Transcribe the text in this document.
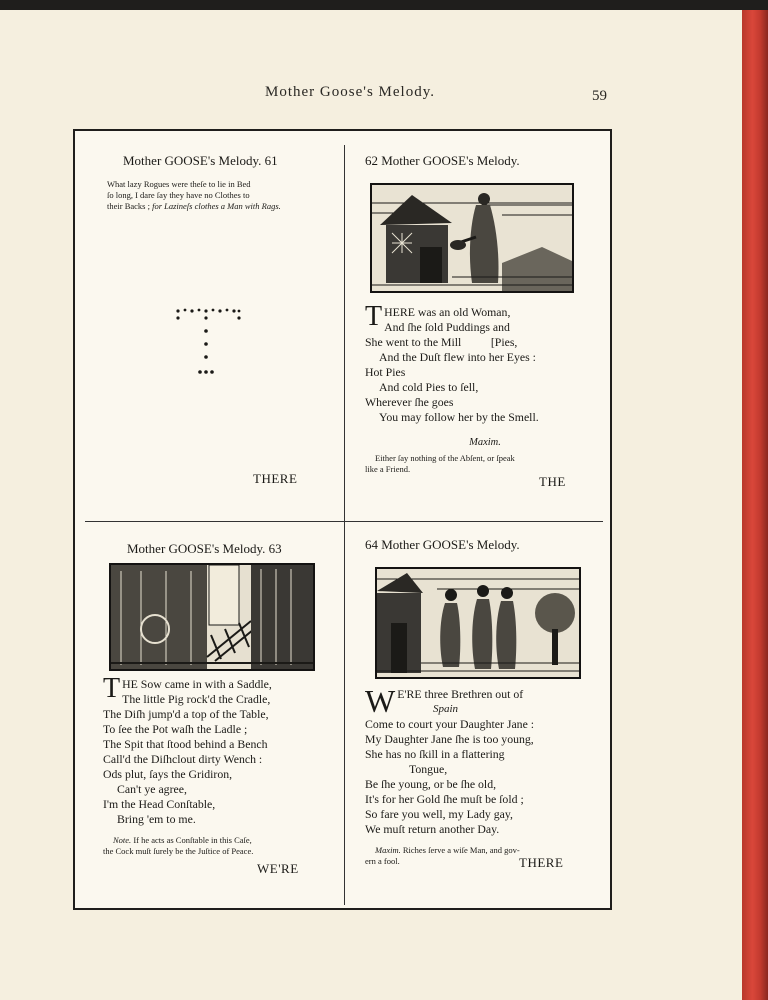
Mother Goose's Melody.	59
Mother GOOSE's Melody. 61
What lazy Rogues were theſe to lie in Bed
ſo long, I dare ſay they have no Clothes to
their Backs ; for Lazineſs clothes a Man with Rags.
THERE
62 Mother GOOSE's Melody.
T HERE was an old Woman,
And ſhe ſold Puddings and
She went to the Mill          [Pies,
And the Duſt flew into her Eyes :
Hot Pies
And cold Pies to ſell,
Wherever ſhe goes
You may follow her by the Smell.
Maxim.
Either ſay nothing of the Abſent, or ſpeak
like a Friend.
THE
Mother GOOSE's Melody. 63
T HE Sow came in with a Saddle,
The little Pig rock'd the Cradle,
The Diſh jump'd a top of the Table,
To ſee the Pot waſh the Ladle ;
The Spit that ſtood behind a Bench
Call'd the Diſhclout dirty Wench :
Ods plut, ſays the Gridiron,
Can't ye agree,
I'm the Head Conſtable,
Bring 'em to me.
Note. If he acts as Conſtable in this Caſe,
the Cock muſt ſurely be the Juſtice of Peace.
WE'RE
64 Mother GOOSE's Melody.
W E'RE three Brethren out of
Spain
Come to court your Daughter Jane :
My Daughter Jane ſhe is too young,
She has no ſkill in a flattering
Tongue,
Be ſhe young, or be ſhe old,
It's for her Gold ſhe muſt be ſold ;
So fare you well, my Lady gay,
We muſt return another Day.
Maxim. Riches ſerve a wiſe Man, and gov-
ern a fool.	THERE
